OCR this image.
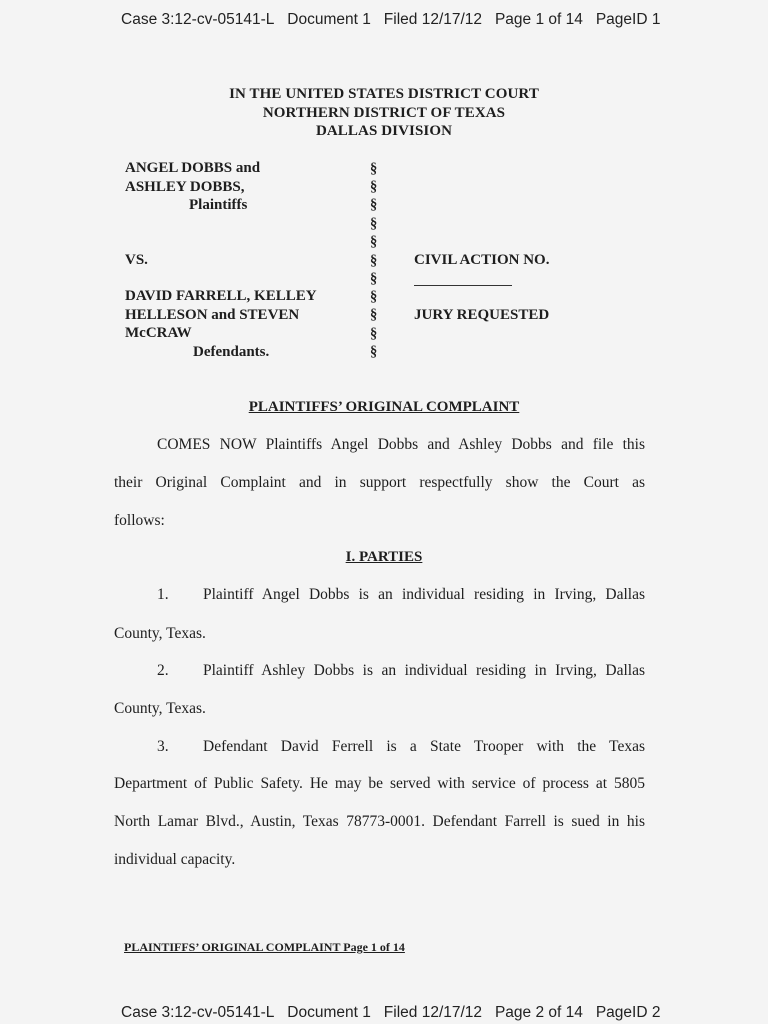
Case 3:12-cv-05141-L Document 1 Filed 12/17/12 Page 1 of 14 PageID 1
IN THE UNITED STATES DISTRICT COURT
NORTHERN DISTRICT OF TEXAS
DALLAS DIVISION
ANGEL DOBBS and
ASHLEY DOBBS,
Plaintiffs
VS.
DAVID FARRELL, KELLEY
HELLESON and STEVEN
McCRAW
Defendants.
§
§
§
§
§
§
§
§
§
§
§
CIVIL ACTION NO.
JURY REQUESTED
PLAINTIFFS’ ORIGINAL COMPLAINT
COMES NOW Plaintiffs Angel Dobbs and Ashley Dobbs and file this
their Original Complaint and in support respectfully show the Court as
follows:
I. PARTIES
1. Plaintiff Angel Dobbs is an individual residing in Irving, Dallas
County, Texas.
2. Plaintiff Ashley Dobbs is an individual residing in Irving, Dallas
County, Texas.
3. Defendant David Ferrell is a State Trooper with the Texas
Department of Public Safety. He may be served with service of process at 5805
North Lamar Blvd., Austin, Texas 78773-0001. Defendant Farrell is sued in his
individual capacity.
PLAINTIFFS’ ORIGINAL COMPLAINT Page 1 of 14
Case 3:12-cv-05141-L Document 1 Filed 12/17/12 Page 2 of 14 PageID 2
